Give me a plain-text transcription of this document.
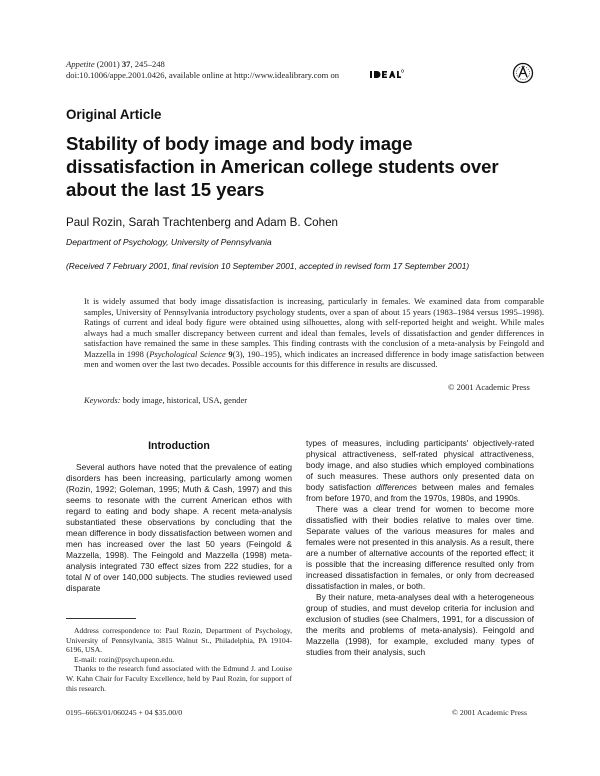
Appetite (2001) 37, 245–248
doi:10.1006/appe.2001.0426, available online at http://www.idealibrary.com on
Original Article
Stability of body image and body image dissatisfaction in American college students over about the last 15 years
Paul Rozin, Sarah Trachtenberg and Adam B. Cohen
Department of Psychology, University of Pennsylvania
(Received 7 February 2001, final revision 10 September 2001, accepted in revised form 17 September 2001)

It is widely assumed that body image dissatisfaction is increasing, particularly in females. We examined data from comparable samples, University of Pennsylvania introductory psychology students, over a span of about 15 years (1983–1984 versus 1995–1998). Ratings of current and ideal body figure were obtained using silhouettes, along with self-reported height and weight. While males always had a much smaller discrepancy between current and ideal than females, levels of dissatisfaction and gender differences in satisfaction have remained the same in these samples. This finding contrasts with the conclusion of a meta-analysis by Feingold and Mazzella in 1998 (Psychological Science 9(3), 190–195), which indicates an increased difference in body image satisfaction between men and women over the last two decades. Possible accounts for this difference in results are discussed.

© 2001 Academic Press
Keywords: body image, historical, USA, gender
Introduction

Several authors have noted that the prevalence of eating disorders has been increasing, particularly among women (Rozin, 1992; Goleman, 1995; Muth & Cash, 1997) and this seems to resonate with the current American ethos with regard to eating and body shape. A recent meta-analysis substantiated these observations by concluding that the mean difference in body dissatisfaction between women and men has increased over the last 50 years (Feingold & Mazzella, 1998). The Feingold and Mazzella (1998) meta-analysis integrated 730 effect sizes from 222 studies, for a total N of over 140,000 subjects. The studies reviewed used disparate

types of measures, including participants' objectively-rated physical attractiveness, self-rated physical attractiveness, body image, and also studies which employed combinations of such measures. These authors only presented data on body satisfaction differences between males and females from before 1970, and from the 1970s, 1980s, and 1990s.

There was a clear trend for women to become more dissatisfied with their bodies relative to males over time. Separate values of the various measures for males and females were not presented in this analysis. As a result, there are a number of alternative accounts of the reported effect; it is possible that the increasing difference resulted only from increased dissatisfaction in females, or only from decreased dissatisfaction in males, or both.

By their nature, meta-analyses deal with a heterogeneous group of studies, and must develop criteria for inclusion and exclusion of studies (see Chalmers, 1991, for a discussion of the merits and problems of meta-analysis). Feingold and Mazzella (1998), for example, excluded many types of studies from their analysis, such

Address correspondence to: Paul Rozin, Department of Psychology, University of Pennsylvania, 3815 Walnut St., Philadelphia, PA 19104-6196, USA.

E-mail: rozin@psych.upenn.edu.

Thanks to the research fund associated with the Edmund J. and Louise W. Kahn Chair for Faculty Excellence, held by Paul Rozin, for support of this research.

0195–6663/01/060245 + 04 $35.00/0	© 2001 Academic Press
